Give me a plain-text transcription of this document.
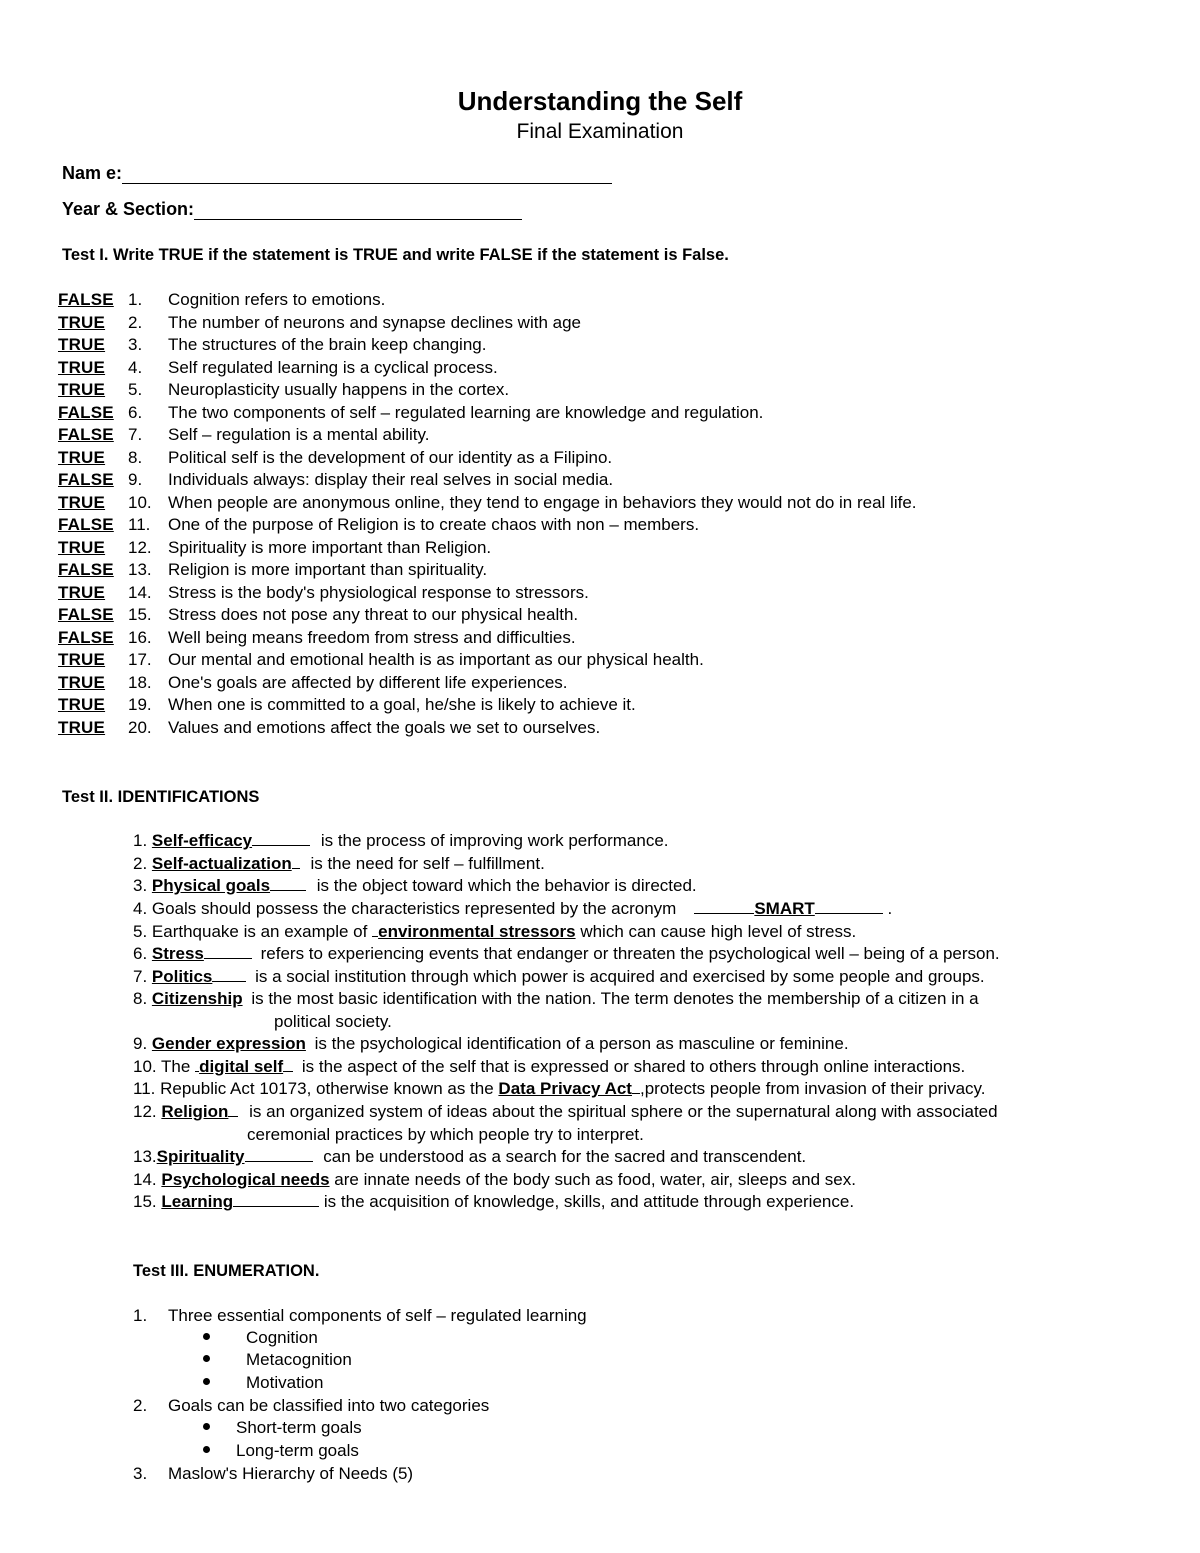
Understanding the Self
Final Examination
Nam e:
Year & Section:
Test I. Write TRUE if the statement is TRUE and write FALSE if the statement is False.
FALSE 1. Cognition refers to emotions.
TRUE 2. The number of neurons and synapse declines with age
TRUE 3. The structures of the brain keep changing.
TRUE 4. Self regulated learning is a cyclical process.
TRUE 5. Neuroplasticity usually happens in the cortex.
FALSE 6. The two components of self – regulated learning are knowledge and regulation.
FALSE 7. Self – regulation is a mental ability.
TRUE 8. Political self is the development of our identity as a Filipino.
FALSE 9. Individuals always: display their real selves in social media.
TRUE 10. When people are anonymous online, they tend to engage in behaviors they would not do in real life.
FALSE 11. One of the purpose of Religion is to create chaos with non – members.
TRUE 12. Spirituality is more important than Religion.
FALSE 13. Religion is more important than spirituality.
TRUE 14. Stress is the body's physiological response to stressors.
FALSE 15. Stress does not pose any threat to our physical health.
FALSE 16. Well being means freedom from stress and difficulties.
TRUE 17. Our mental and emotional health is as important as our physical health.
TRUE 18. One's goals are affected by different life experiences.
TRUE 19. When one is committed to a goal, he/she is likely to achieve it.
TRUE 20. Values and emotions affect the goals we set to ourselves.
Test II. IDENTIFICATIONS
1. Self-efficacy	is the process of improving work performance.
2. Self-actualization is the need for self – fulfillment.
3. Physical goals	is the object toward which the behavior is directed.
4. Goals should possess the characteristics represented by the acronym	SMART	.
5. Earthquake is an example of environmental stressors which can cause high level of stress.
6. Stress	refers to experiencing events that endanger or threaten the psychological well – being of a person.
7. Politics	is a social institution through which power is acquired and exercised by some people and groups.
8. Citizenship is the most basic identification with the nation. The term denotes the membership of a citizen in a
political society.
9. Gender expression is the psychological identification of a person as masculine or feminine.
10. The digital self is the aspect of the self that is expressed or shared to others through online interactions.
11. Republic Act 10173, otherwise known as the Data Privacy Act ,protects people from invasion of their privacy.
12. Religion is an organized system of ideas about the spiritual sphere or the supernatural along with associated
ceremonial practices by which people try to interpret.
13.Spirituality	can be understood as a search for the sacred and transcendent.
14. Psychological needs are innate needs of the body such as food, water, air, sleeps and sex.
15. Learning	is the acquisition of knowledge, skills, and attitude through experience.
Test III. ENUMERATION.
1. Three essential components of self – regulated learning
Cognition
Metacognition
Motivation
2. Goals can be classified into two categories
Short-term goals
Long-term goals
3. Maslow's Hierarchy of Needs (5)
